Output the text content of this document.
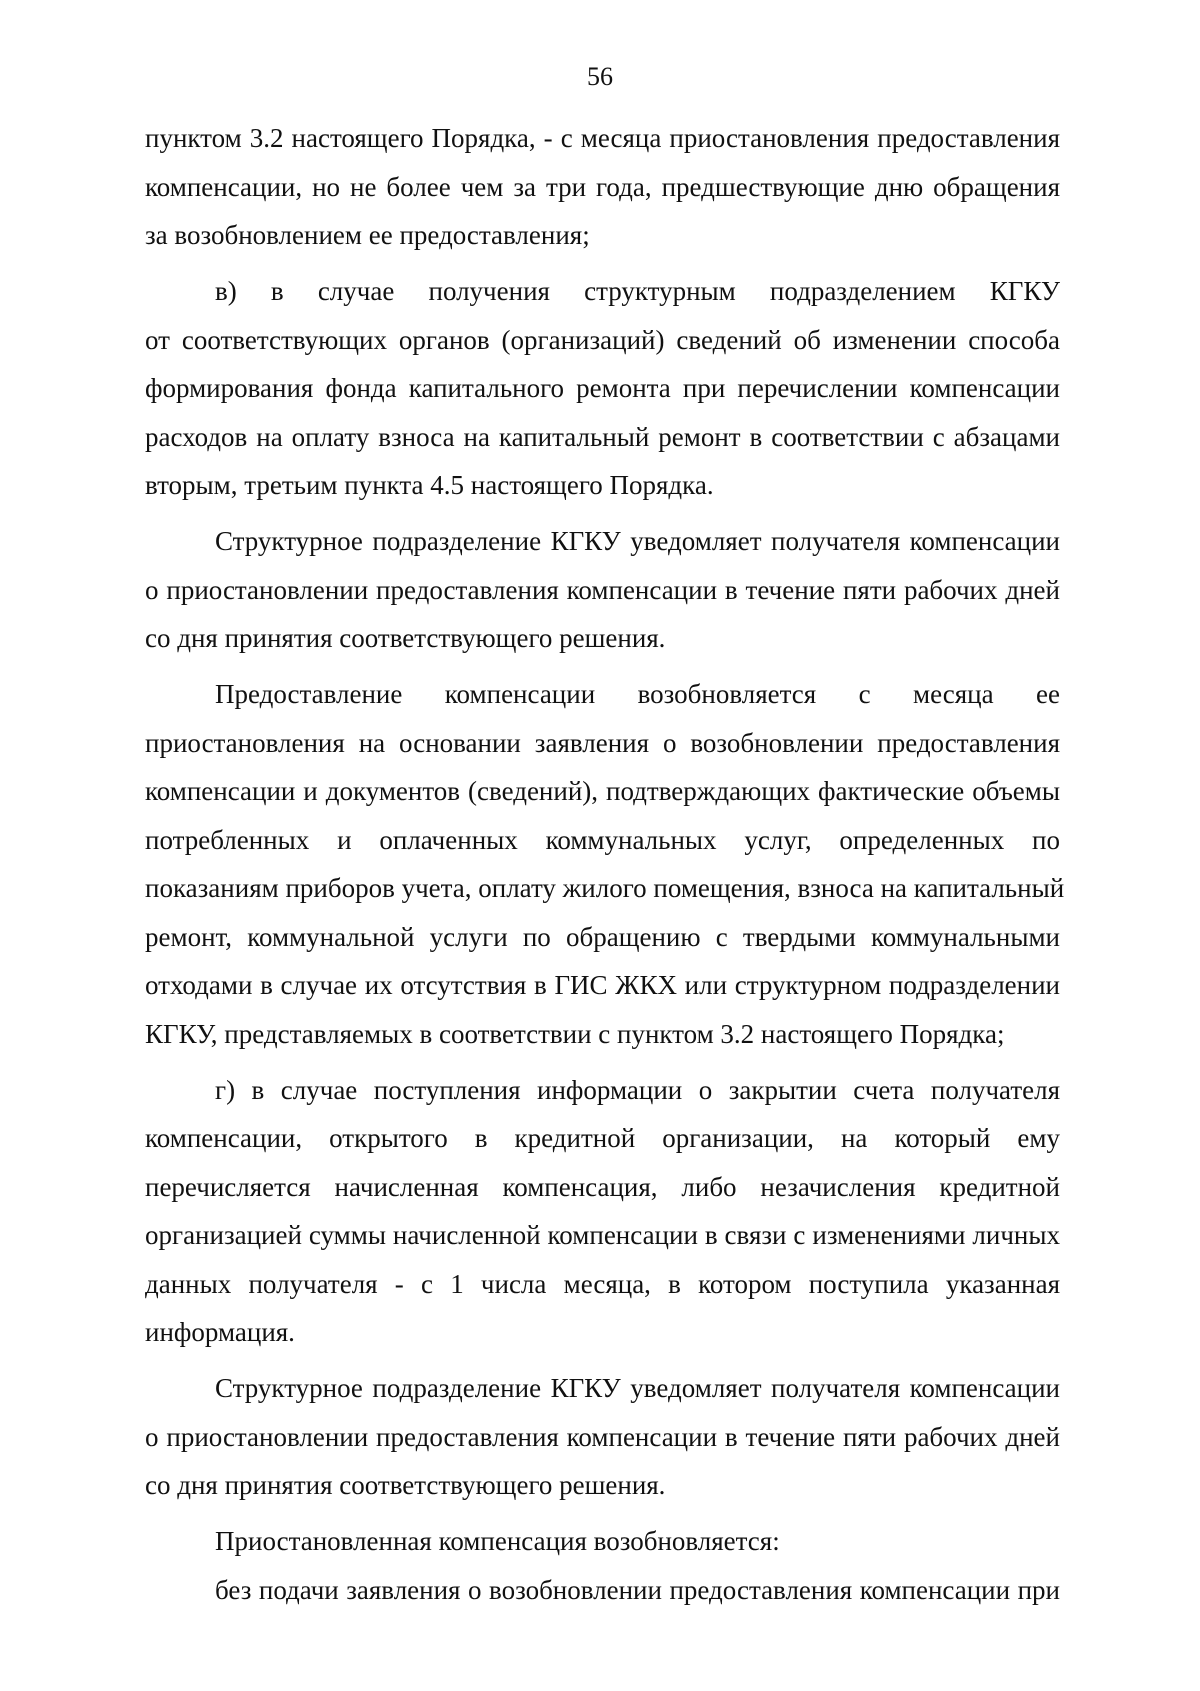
56
пунктом 3.2 настоящего Порядка, - с месяца приостановления предоставления
компенсации, но не более чем за три года, предшествующие дню обращения
за возобновлением ее предоставления;
в) в случае получения структурным подразделением КГКУ
от соответствующих органов (организаций) сведений об изменении способа
формирования фонда капитального ремонта при перечислении компенсации
расходов на оплату взноса на капитальный ремонт в соответствии с абзацами
вторым, третьим пункта 4.5 настоящего Порядка.
Структурное подразделение КГКУ уведомляет получателя компенсации
о приостановлении предоставления компенсации в течение пяти рабочих дней
со дня принятия соответствующего решения.
Предоставление компенсации возобновляется с месяца ее
приостановления на основании заявления о возобновлении предоставления
компенсации и документов (сведений), подтверждающих фактические объемы
потребленных и оплаченных коммунальных услуг, определенных по
показаниям приборов учета, оплату жилого помещения, взноса на капитальный
ремонт, коммунальной услуги по обращению с твердыми коммунальными
отходами в случае их отсутствия в ГИС ЖКХ или структурном подразделении
КГКУ, представляемых в соответствии с пунктом 3.2 настоящего Порядка;
г) в случае поступления информации о закрытии счета получателя
компенсации, открытого в кредитной организации, на который ему
перечисляется начисленная компенсация, либо незачисления кредитной
организацией суммы начисленной компенсации в связи с изменениями личных
данных получателя - с 1 числа месяца, в котором поступила указанная
информация.
Структурное подразделение КГКУ уведомляет получателя компенсации
о приостановлении предоставления компенсации в течение пяти рабочих дней
со дня принятия соответствующего решения.
Приостановленная компенсация возобновляется:
без подачи заявления о возобновлении предоставления компенсации при
